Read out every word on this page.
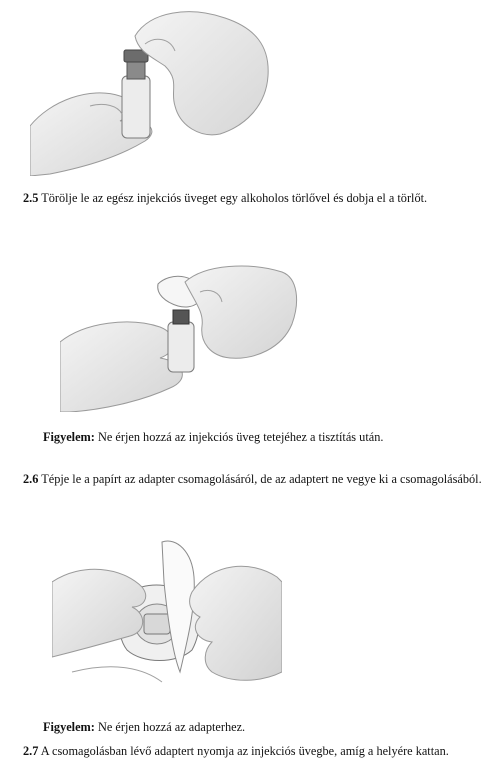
2.5 Törölje le az egész injekciós üveget egy alkoholos törlővel és dobja el a törlőt.
Figyelem: Ne érjen hozzá az injekciós üveg tetejéhez a tisztítás után.
2.6 Tépje le a papírt az adapter csomagolásáról, de az adaptert ne vegye ki a csomagolásából.
Figyelem: Ne érjen hozzá az adapterhez.
2.7 A csomagolásban lévő adaptert nyomja az injekciós üvegbe, amíg a helyére kattan.
